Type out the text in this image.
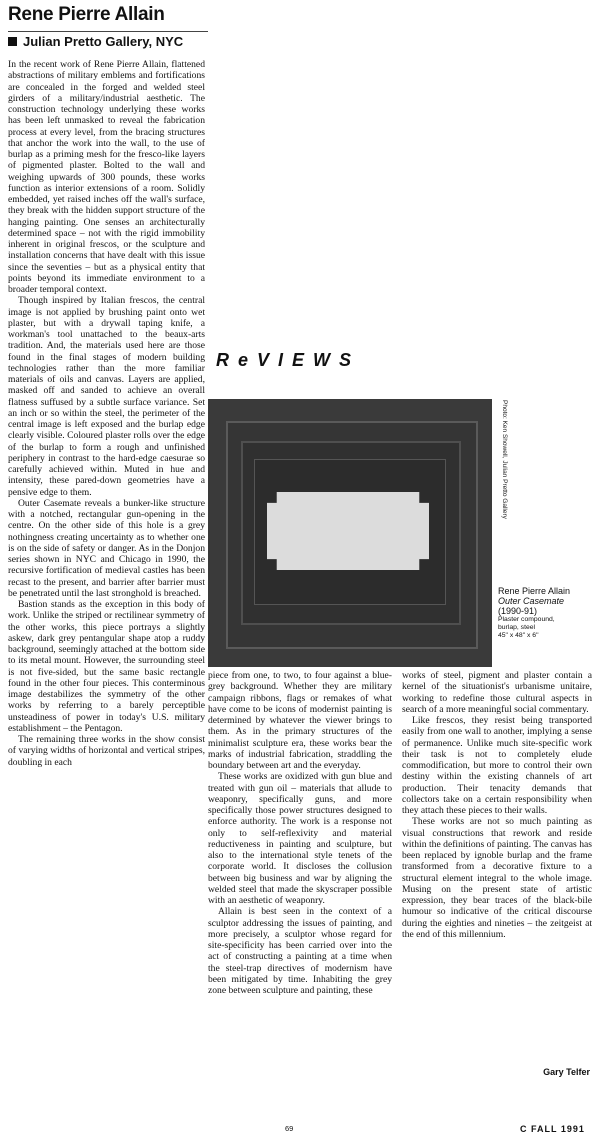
Rene Pierre Allain
Julian Pretto Gallery, NYC

In the recent work of Rene Pierre Allain, flattened abstractions of military emblems and fortifications are concealed in the forged and welded steel girders of a military/industrial aesthetic. The construction technology underlying these works has been left unmasked to reveal the fabrication process at every level, from the bracing structures that anchor the work into the wall, to the use of burlap as a priming mesh for the fresco-like layers of pigmented plaster. Bolted to the wall and weighing upwards of 300 pounds, these works function as interior extensions of a room. Solidly embedded, yet raised inches off the wall's surface, they break with the hidden support structure of the hanging painting. One senses an architecturally determined space – not with the rigid immobility inherent in original frescos, or the sculpture and installation concerns that have dealt with this issue since the seventies – but as a physical entity that points beyond its immediate environment to a broader temporal context.

Though inspired by Italian frescos, the central image is not applied by brushing paint onto wet plaster, but with a drywall taping knife, a workman's tool unattached to the beaux-arts tradition. And, the materials used here are those found in the final stages of modern building technologies rather than the more familiar materials of oils and canvas. Layers are applied, masked off and sanded to achieve an overall flatness suffused by a subtle surface variance. Set an inch or so within the steel, the perimeter of the central image is left exposed and the burlap edge clearly visible. Coloured plaster rolls over the edge of the burlap to form a rough and unfinished periphery in contrast to the hard-edge caesurae so carefully achieved within. Muted in hue and intensity, these pared-down geometries have a pensive edge to them.

Outer Casemate reveals a bunker-like structure with a notched, rectangular gun-opening in the centre. On the other side of this hole is a grey nothingness creating uncertainty as to whether one is on the side of safety or danger. As in the Donjon series shown in NYC and Chicago in 1990, the recursive fortification of medieval castles has been recast to the present, and barrier after barrier must be penetrated until the last stronghold is breached.

Bastion stands as the exception in this body of work. Unlike the striped or rectilinear symmetry of the other works, this piece portrays a slightly askew, dark grey pentangular shape atop a ruddy background, seemingly attached at the bottom side to its metal mount. However, the surrounding steel is not five-sided, but the same basic rectangle found in the other four pieces. This conterminous image destabilizes the symmetry of the other works by referring to a barely perceptible unsteadiness of power in today's U.S. military establishment – the Pentagon.

The remaining three works in the show consist of varying widths of horizontal and vertical stripes, doubling in each

ReVIEWS
Photo: Ken Showell, Julian Pretto Gallery
Rene Pierre Allain
Outer Casemate
(1990-91)
Plaster compound,
burlap, steel
45" x 48" x 6"

piece from one, to two, to four against a blue-grey background. Whether they are military campaign ribbons, flags or remakes of what have come to be icons of modernist painting is determined by whatever the viewer brings to them. As in the primary structures of the minimalist sculpture era, these works bear the marks of industrial fabrication, straddling the boundary between art and the everyday.

These works are oxidized with gun blue and treated with gun oil – materials that allude to weaponry, specifically guns, and more specifically those power structures designed to enforce authority. The work is a response not only to self-reflexivity and material reductiveness in painting and sculpture, but also to the international style tenets of the corporate world. It discloses the collusion between big business and war by aligning the welded steel that made the skyscraper possible with an aesthetic of weaponry.

Allain is best seen in the context of a sculptor addressing the issues of painting, and more precisely, a sculptor whose regard for site-specificity has been carried over into the act of constructing a painting at a time when the steel-trap directives of modernism have been mitigated by time. Inhabiting the grey zone between sculpture and painting, these

works of steel, pigment and plaster contain a kernel of the situationist's urbanisme unitaire, working to redefine those cultural aspects in search of a more meaningful social commentary.

Like frescos, they resist being transported easily from one wall to another, implying a sense of permanence. Unlike much site-specific work their task is not to completely elude commodification, but more to control their own destiny within the existing channels of art production. Their tenacity demands that collectors take on a certain responsibility when they attach these pieces to their walls.

These works are not so much painting as visual constructions that rework and reside within the definitions of painting. The canvas has been replaced by ignoble burlap and the frame transformed from a decorative fixture to a structural element integral to the whole image. Musing on the present state of artistic expression, they bear traces of the black-bile humour so indicative of the critical discourse during the eighties and nineties – the zeitgeist at the end of this millennium.

Gary Telfer
69	C FALL 1991
